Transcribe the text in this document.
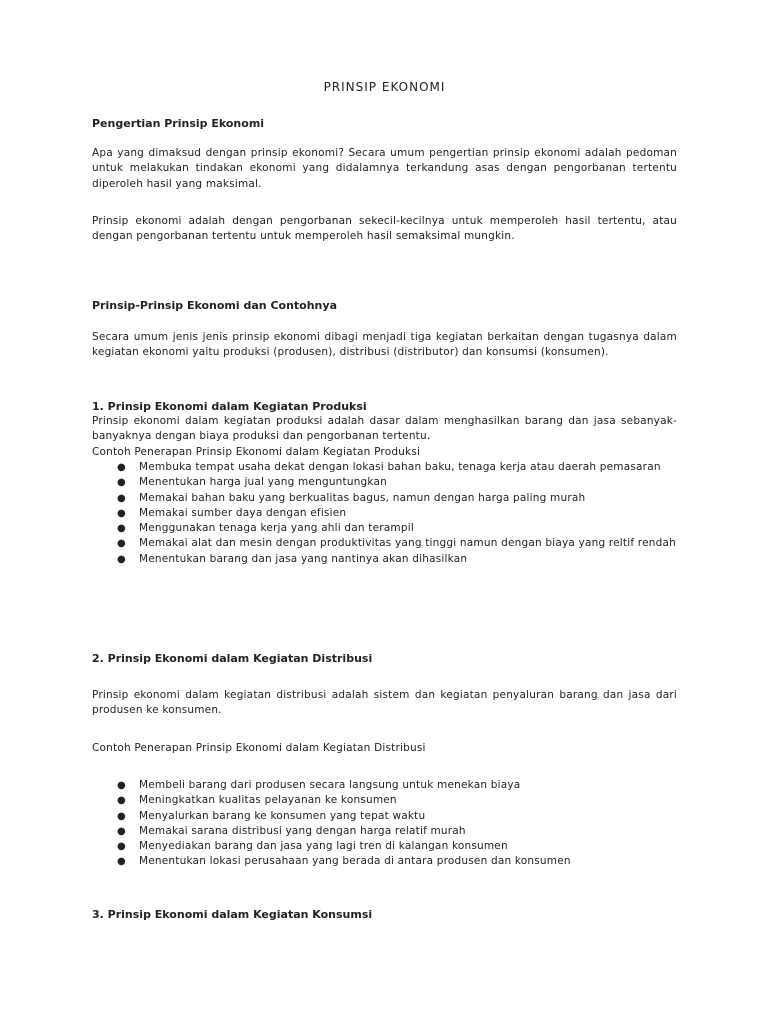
PRINSIP EKONOMI

Pengertian Prinsip Ekonomi

Apa yang dimaksud dengan prinsip ekonomi? Secara umum pengertian prinsip ekonomi adalah pedoman untuk melakukan tindakan ekonomi yang didalamnya terkandung asas dengan pengorbanan tertentu diperoleh hasil yang maksimal.

Prinsip ekonomi adalah dengan pengorbanan sekecil-kecilnya untuk memperoleh hasil tertentu, atau dengan pengorbanan tertentu untuk memperoleh hasil semaksimal mungkin.

Prinsip-Prinsip Ekonomi dan Contohnya

Secara umum jenis jenis prinsip ekonomi dibagi menjadi tiga kegiatan berkaitan dengan tugasnya dalam kegiatan ekonomi yaitu produksi (produsen), distribusi (distributor) dan konsumsi (konsumen).

1. Prinsip Ekonomi dalam Kegiatan Produksi

Prinsip ekonomi dalam kegiatan produksi adalah dasar dalam menghasilkan barang dan jasa sebanyak-banyaknya dengan biaya produksi dan pengorbanan tertentu.

Contoh Penerapan Prinsip Ekonomi dalam Kegiatan Produksi

● Membuka tempat usaha dekat dengan lokasi bahan baku, tenaga kerja atau daerah pemasaran
● Menentukan harga jual yang menguntungkan
● Memakai bahan baku yang berkualitas bagus, namun dengan harga paling murah
● Memakai sumber daya dengan efisien
● Menggunakan tenaga kerja yang ahli dan terampil
● Memakai alat dan mesin dengan produktivitas yang tinggi namun dengan biaya yang reltif rendah
● Menentukan barang dan jasa yang nantinya akan dihasilkan

2. Prinsip Ekonomi dalam Kegiatan Distribusi

Prinsip ekonomi dalam kegiatan distribusi adalah sistem dan kegiatan penyaluran barang dan jasa dari produsen ke konsumen.

Contoh Penerapan Prinsip Ekonomi dalam Kegiatan Distribusi

● Membeli barang dari produsen secara langsung untuk menekan biaya
● Meningkatkan kualitas pelayanan ke konsumen
● Menyalurkan barang ke konsumen yang tepat waktu
● Memakai sarana distribusi yang dengan harga relatif murah
● Menyediakan barang dan jasa yang lagi tren di kalangan konsumen
● Menentukan lokasi perusahaan yang berada di antara produsen dan konsumen

3. Prinsip Ekonomi dalam Kegiatan Konsumsi
